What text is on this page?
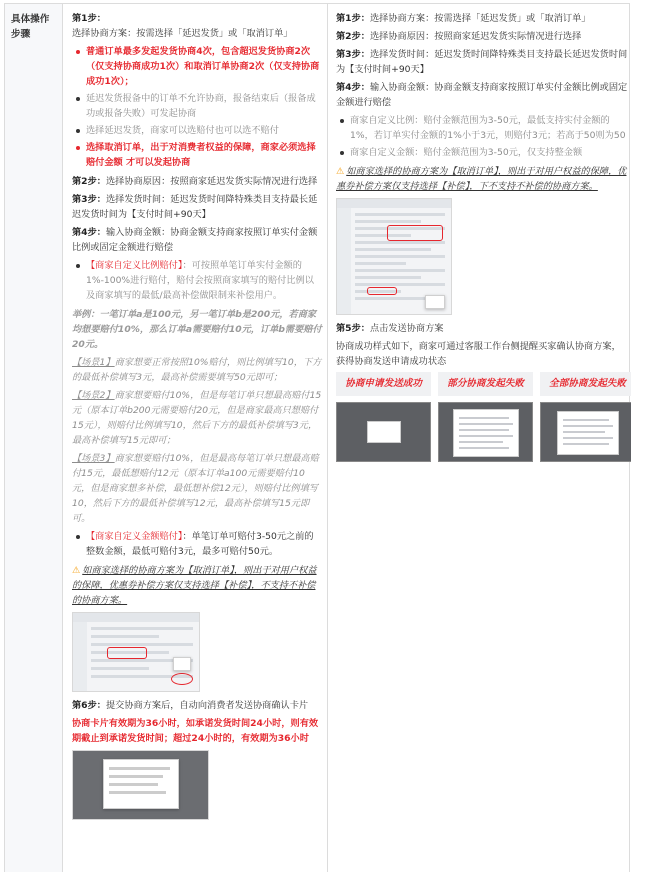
具体操作步骤

第1步：选择协商方案：按需选择「延迟发货」或「取消订单」

普通订单最多发起发货协商4次，包含超迟发货协商2次（仅支持协商成功1次）和取消订单协商2次（仅支持协商成功1次）；
延迟发货报备中的订单不允许协商，报备结束后（报备成功或报备失败）可发起协商
选择延迟发货，商家可以选赔付也可以选不赔付
选择取消订单，出于对消费者权益的保障，商家必须选择赔付金额 才可以发起协商

第2步：选择协商原因：按照商家延迟发货实际情况进行选择

第3步：选择发货时间：延迟发货时间降特殊类目支持最长延迟发货时间为【支付时间+90天】

第4步：输入协商金额：协商金额支持商家按照订单实付金额比例或固定金额进行赔偿

【商家自定义比例赔付】：可按照单笔订单实付金额的1%-100%进行赔付，赔付会按照商家填写的赔付比例以及商家填写的最低/最高补偿做限制来补偿用户。

举例：一笔订单a是100元，另一笔订单b是200元，若商家均想要赔付10%，那么订单a需要赔付10元，订单b需要赔付20元。

【场景1】商家想要正常按照10%赔付，则比例填写10，下方的最低补偿填写3元，最高补偿需要填写50元即可；

【场景2】商家想要赔付10%，但是每笔订单只想最高赔付15元（原本订单b200元需要赔付20元，但是商家最高只想赔付15元），则赔付比例填写10，然后下方的最低补偿填写3元，最高补偿填写15元即可；

【场景3】商家想要赔付10%，但是最高每笔订单只想最高赔付15元，最低想赔付12元（原本订单a100元需要赔付10元，但是商家想多补偿，最低想补偿12元），则赔付比例填写10，然后下方的最低补偿填写12元，最高补偿填写15元即可。

【商家自定义金额赔付】：单笔订单可赔付3-50元之前的整数金额，最低可赔付3元，最多可赔付50元。

⚠ 如商家选择的协商方案为【取消订单】，则出于对用户权益的保障，优惠券补偿方案仅支持选择【补偿】，不支持不补偿的协商方案。

第6步：提交协商方案后，自动向消费者发送协商确认卡片

协商卡片有效期为36小时，如承诺发货时间24小时，则有效期截止到承诺发货时间；超过24小时的，有效期为36小时

第1步：选择协商方案：按需选择「延迟发货」或「取消订单」

第2步：选择协商原因：按照商家延迟发货实际情况进行选择

第3步：选择发货时间：延迟发货时间降特殊类目支持最长延迟发货时间为【支付时间+90天】

第4步：输入协商金额：协商金额支持商家按照订单实付金额比例或固定金额进行赔偿

商家自定义比例：赔付金额范围为3-50元，最低支持实付金额的1%，若订单实付金额的1%小于3元，则赔付3元；若高于50则为50
商家自定义金额：赔付金额范围为3-50元，仅支持整金额

⚠ 如商家选择的协商方案为【取消订单】，则出于对用户权益的保障，优惠券补偿方案仅支持选择【补偿】，下不支持不补偿的协商方案。

第5步：点击发送协商方案

协商成功样式如下，商家可通过客服工作台侧提醒买家确认协商方案，获得协商发送申请成功状态

协商申请发送成功	部分协商发起失败	全部协商发起失败
